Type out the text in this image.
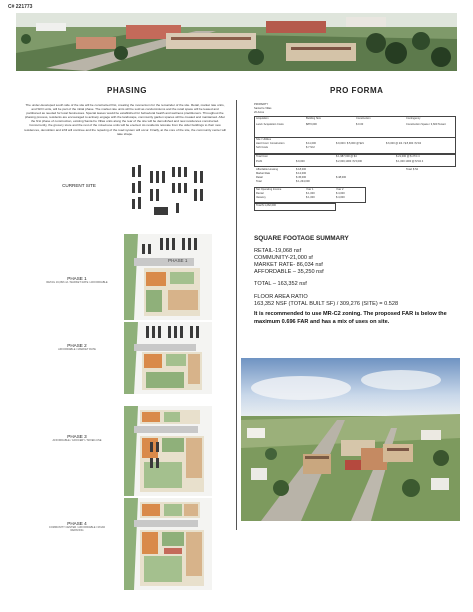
C# 221773
PHASING	PRO FORMA
The under-developed south side of the site will be constructed first, creating the momentum for the remainder of the site. Retail, market rate units, and SFO units, will be part of the initial phase. The market rate units will be sold as condominiums and the retail space will be leased and partitioned as needed for local businesses. Special leases would be established for behavioral health and wellness practitioners. Throughout the phasing process, residents are encouraged to actively engage with the landscape, community garden spaces will be created and maintained. After the first phase of construction, existing Santa Fe Villas units along the rear of the site will be demolished and new residences constructed. Concurrently, the grocery store and the rest of the mixed-use units will be erected. As residents relocate from the older buildings to their new residences, demolition and infill will continue and the repaving of the road system will occur. Finally, at the core of the site, the community center will take shape.
CURRENT SITE
PHASE 1
RETAIL 19,068 nsf / MARKET RATE / AFFORDABLE
PHASE 1
PHASE 2
AFFORDABLE / MARKET RATE
PHASE 3
AFFORDABLE / GROCERY / MIXED-USE
PHASE 4
COMMUNITY CENTER / AFFORDABLE / ROAD REPAVING
PROPERTY
Santa Fe Villas
20 Acres
Acquisition	Building Size	Construction	Contingency
Land / Acquisition Costs	$870,000	$ 0.00	Construction Space / 3,600 Tenant
Site / Utilities
Hard Cost / Construction	$ 11,000	$ 9,000 / $ 5,000 @ $21	$ 6,000 @ 2/4 / $ 8,900 / $ 5/4
Soft Costs	$ 7.5/sf
Total Cost	$ 1,987,000 @ $4	$ 21,000 @ $ 27/4 4
Profit	$ 9,000	$ 2,000,1000 / $ 5,000	$ 1,000 1000 @ $ 5/4 4
Affordable Housing	$ 18,000	Total: $ 54
Market Rate	$ 12,000
Retail	$ 45,000	$ 48,000
Total	$ 1,234,000
Net Operating Income	Year 1	Year 2
Rental	$ 1,000	$ 4,000
Vacancy	$ 1,000	$ 4,000
Total $ 1,262,000
SQUARE FOOTAGE SUMMARY
RETAIL-19,068 nsf
COMMUNITY-21,000 sf
MARKET RATE- 86,034 nsf
AFFORDABLE – 35,250 nsf
TOTAL – 163,352 nsf
FLOOR AREA RATIO
163,352 NSF (TOTAL BUILT SF) / 309,276 (SITE) = 0.528
It is recommended to use MR-C2 zoning. The proposed FAR is below the maximum 0.696 FAR and has a mix of uses on site.
